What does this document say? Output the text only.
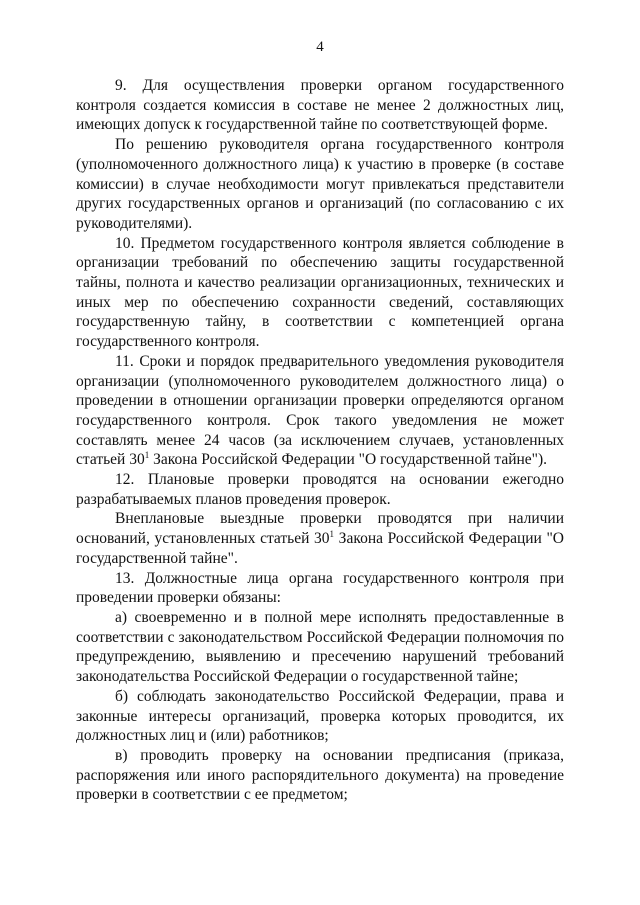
4

9. Для осуществления проверки органом государственного контроля создается комиссия в составе не менее 2 должностных лиц, имеющих допуск к государственной тайне по соответствующей форме.

По решению руководителя органа государственного контроля (уполномоченного должностного лица) к участию в проверке (в составе комиссии) в случае необходимости могут привлекаться представители других государственных органов и организаций (по согласованию с их руководителями).

10. Предметом государственного контроля является соблюдение в организации требований по обеспечению защиты государственной тайны, полнота и качество реализации организационных, технических и иных мер по обеспечению сохранности сведений, составляющих государственную тайну, в соответствии с компетенцией органа государственного контроля.

11. Сроки и порядок предварительного уведомления руководителя организации (уполномоченного руководителем должностного лица) о проведении в отношении организации проверки определяются органом государственного контроля. Срок такого уведомления не может составлять менее 24 часов (за исключением случаев, установленных статьей $30^1$ Закона Российской Федерации "О государственной тайне").

12. Плановые проверки проводятся на основании ежегодно разрабатываемых планов проведения проверок.

Внеплановые выездные проверки проводятся при наличии оснований, установленных статьей $30^1$ Закона Российской Федерации "О государственной тайне".

13. Должностные лица органа государственного контроля при проведении проверки обязаны:

а) своевременно и в полной мере исполнять предоставленные в соответствии с законодательством Российской Федерации полномочия по предупреждению, выявлению и пресечению нарушений требований законодательства Российской Федерации о государственной тайне;

б) соблюдать законодательство Российской Федерации, права и законные интересы организаций, проверка которых проводится, их должностных лиц и (или) работников;

в) проводить проверку на основании предписания (приказа, распоряжения или иного распорядительного документа) на проведение проверки в соответствии с ее предметом;
